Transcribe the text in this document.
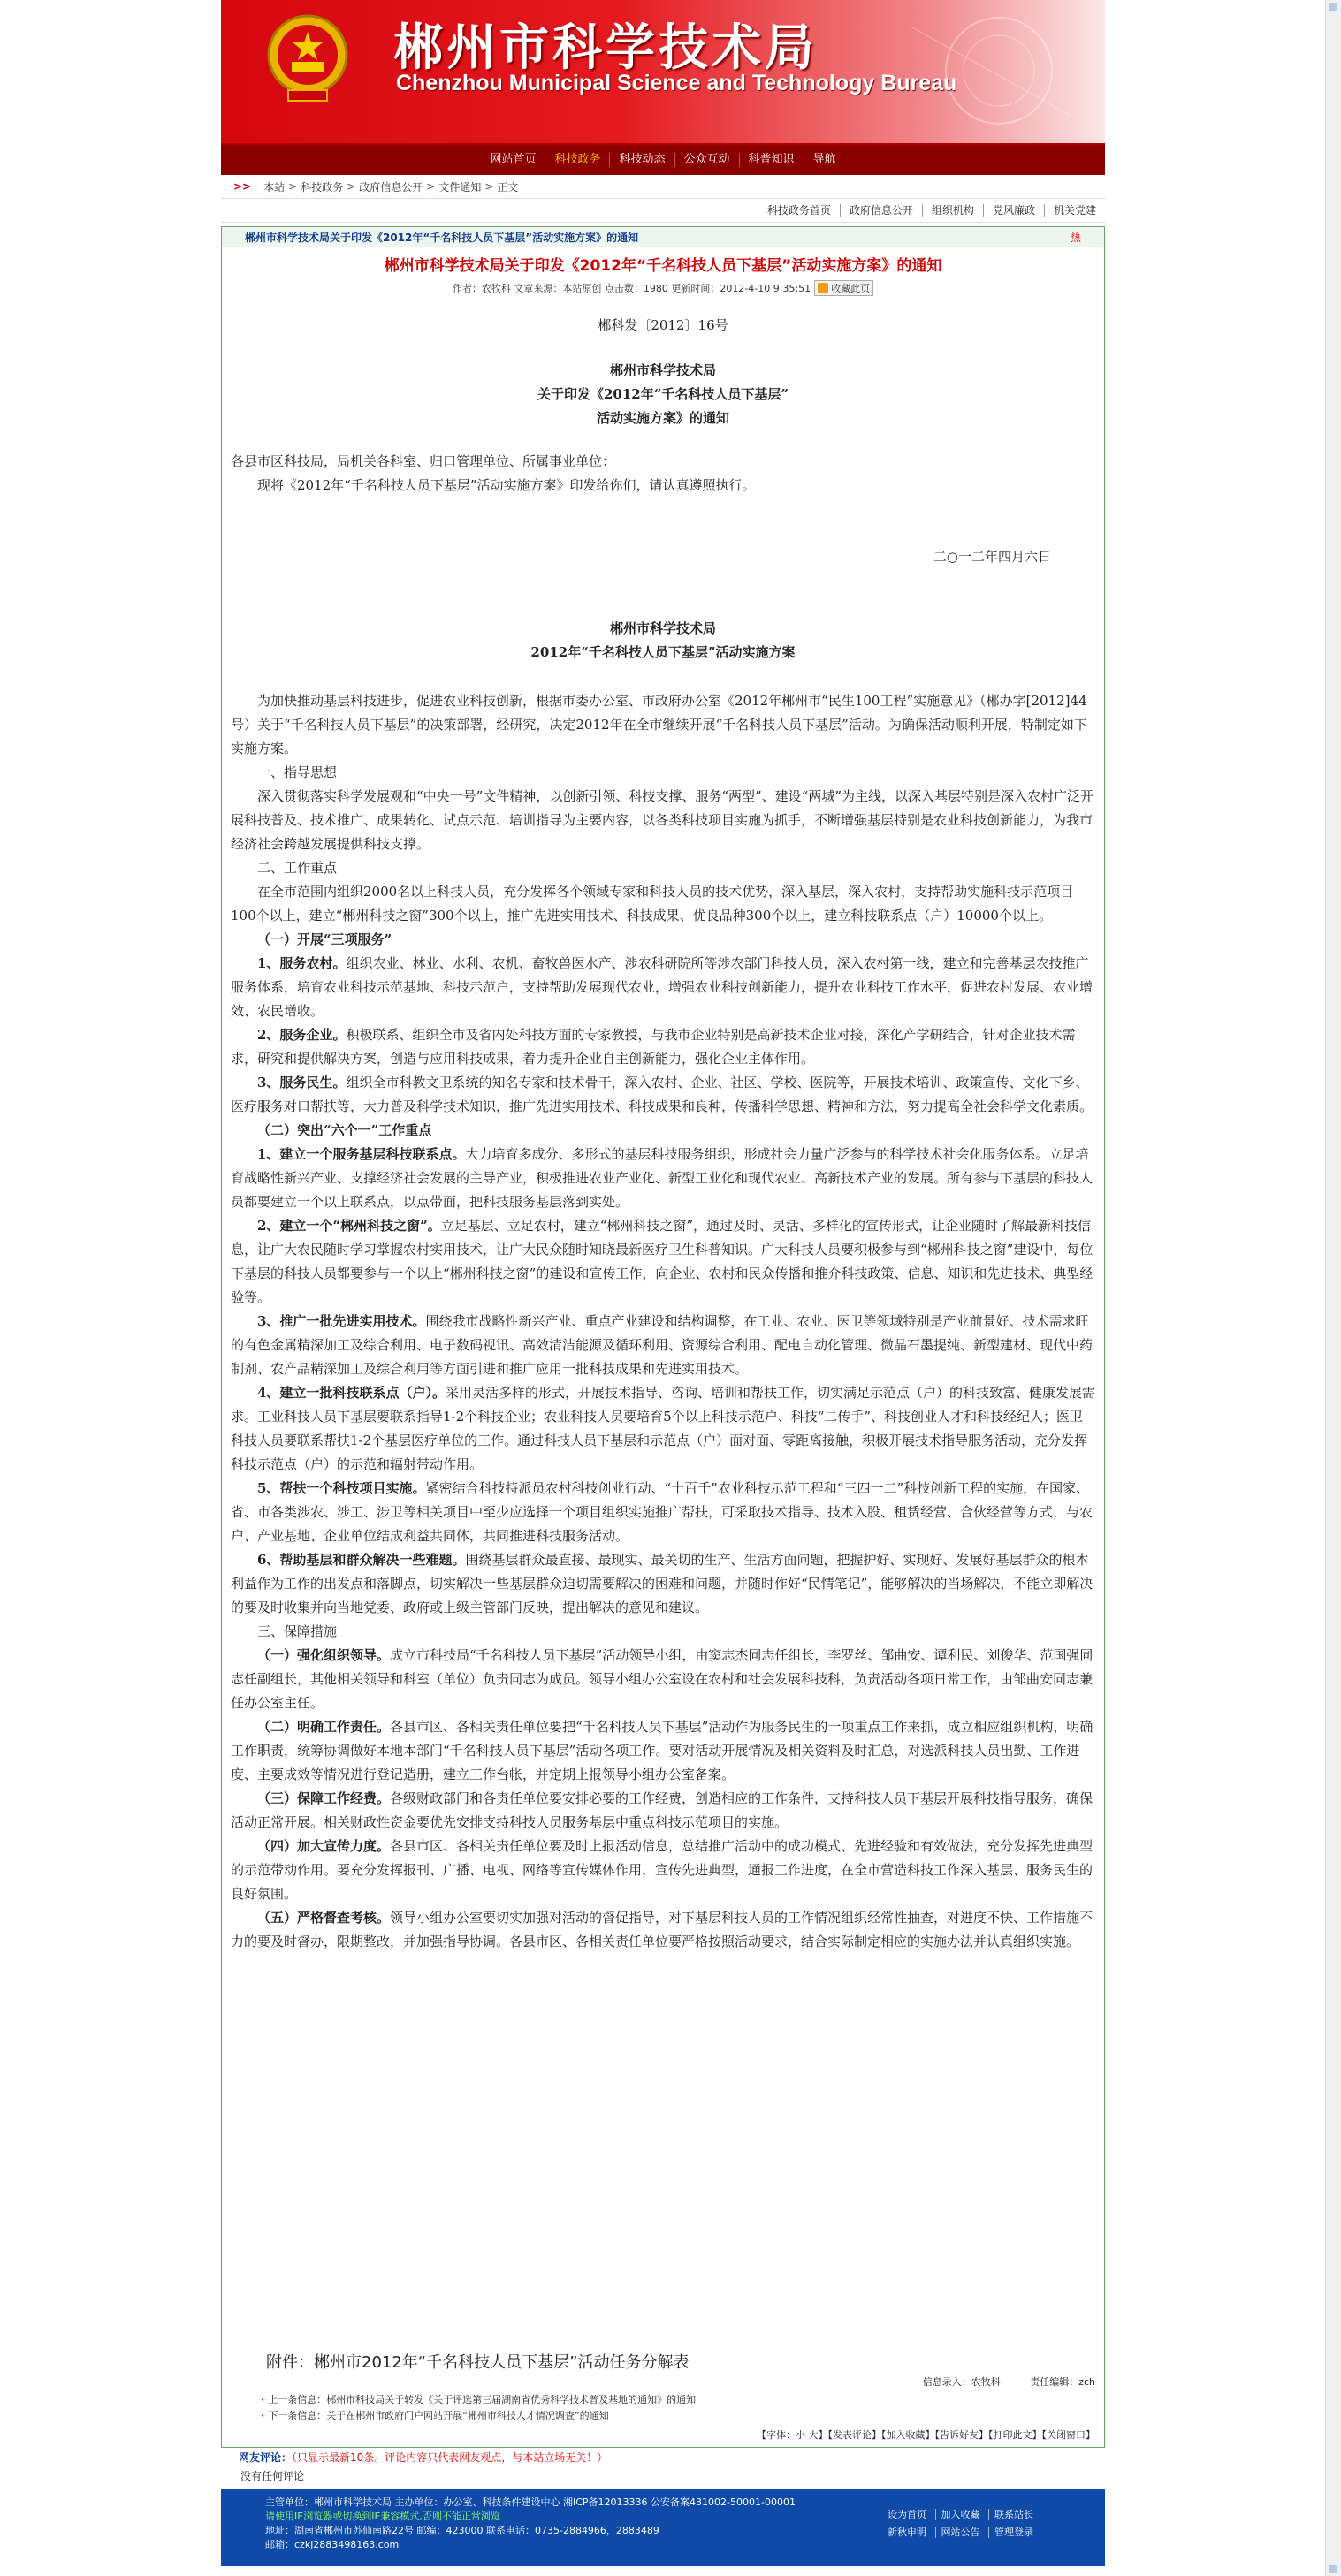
郴州市科学技术局
Chenzhou Municipal Science and Technology Bureau
网站首页	科技政务	科技动态	公众互动	科普知识	导航
>> 本站 > 科技政务 > 政府信息公开 > 文件通知 > 正文
科技政务首页	政府信息公开	组织机构	党风廉政	机关党建
郴州市科学技术局关于印发《2012年“千名科技人员下基层”活动实施方案》的通知	热
郴州市科学技术局关于印发《2012年“千名科技人员下基层”活动实施方案》的通知
作者：农牧科 文章来源：本站原创 点击数：1980 更新时间：2012-4-10 9:35:51 收藏此页
郴科发〔2012〕16号
郴州市科学技术局
关于印发《2012年“千名科技人员下基层”
活动实施方案》的通知
各县市区科技局，局机关各科室、归口管理单位、所属事业单位：
现将《2012年“千名科技人员下基层”活动实施方案》印发给你们，请认真遵照执行。
二○一二年四月六日
郴州市科学技术局
2012年“千名科技人员下基层”活动实施方案

为加快推动基层科技进步，促进农业科技创新，根据市委办公室、市政府办公室《2012年郴州市“民生100工程”实施意见》（郴办字[2012]44号）关于“千名科技人员下基层”的决策部署，经研究，决定2012年在全市继续开展“千名科技人员下基层”活动。为确保活动顺利开展，特制定如下实施方案。

一、指导思想

深入贯彻落实科学发展观和“中央一号”文件精神，以创新引领、科技支撑、服务“两型”、建设“两城”为主线，以深入基层特别是深入农村广泛开展科技普及、技术推广、成果转化、试点示范、培训指导为主要内容，以各类科技项目实施为抓手，不断增强基层特别是农业科技创新能力，为我市经济社会跨越发展提供科技支撑。

二、工作重点

在全市范围内组织2000名以上科技人员，充分发挥各个领域专家和科技人员的技术优势，深入基层，深入农村，支持帮助实施科技示范项目100个以上，建立“郴州科技之窗”300个以上，推广先进实用技术、科技成果、优良品种300个以上，建立科技联系点（户）10000个以上。

（一）开展“三项服务”

1、服务农村。组织农业、林业、水利、农机、畜牧兽医水产、涉农科研院所等涉农部门科技人员，深入农村第一线，建立和完善基层农技推广服务体系，培育农业科技示范基地、科技示范户，支持帮助发展现代农业，增强农业科技创新能力，提升农业科技工作水平，促进农村发展、农业增效、农民增收。

2、服务企业。积极联系、组织全市及省内处科技方面的专家教授，与我市企业特别是高新技术企业对接，深化产学研结合，针对企业技术需求，研究和提供解决方案，创造与应用科技成果，着力提升企业自主创新能力，强化企业主体作用。

3、服务民生。组织全市科教文卫系统的知名专家和技术骨干，深入农村、企业、社区、学校、医院等，开展技术培训、政策宣传、文化下乡、医疗服务对口帮扶等，大力普及科学技术知识，推广先进实用技术、科技成果和良种，传播科学思想、精神和方法，努力提高全社会科学文化素质。

（二）突出“六个一”工作重点

1、建立一个服务基层科技联系点。大力培育多成分、多形式的基层科技服务组织，形成社会力量广泛参与的科学技术社会化服务体系。立足培育战略性新兴产业、支撑经济社会发展的主导产业，积极推进农业产业化、新型工业化和现代农业、高新技术产业的发展。所有参与下基层的科技人员都要建立一个以上联系点，以点带面，把科技服务基层落到实处。

2、建立一个“郴州科技之窗”。立足基层、立足农村，建立“郴州科技之窗”，通过及时、灵活、多样化的宣传形式，让企业随时了解最新科技信息，让广大农民随时学习掌握农村实用技术，让广大民众随时知晓最新医疗卫生科普知识。广大科技人员要积极参与到“郴州科技之窗”建设中，每位下基层的科技人员都要参与一个以上“郴州科技之窗”的建设和宣传工作，向企业、农村和民众传播和推介科技政策、信息、知识和先进技术、典型经验等。

3、推广一批先进实用技术。围绕我市战略性新兴产业、重点产业建设和结构调整，在工业、农业、医卫等领域特别是产业前景好、技术需求旺的有色金属精深加工及综合利用、电子数码视讯、高效清洁能源及循环利用、资源综合利用、配电自动化管理、微晶石墨提纯、新型建材、现代中药制剂、农产品精深加工及综合利用等方面引进和推广应用一批科技成果和先进实用技术。

4、建立一批科技联系点（户）。采用灵活多样的形式，开展技术指导、咨询、培训和帮扶工作，切实满足示范点（户）的科技致富、健康发展需求。工业科技人员下基层要联系指导1-2个科技企业；农业科技人员要培育5个以上科技示范户、科技“二传手”、科技创业人才和科技经纪人；医卫科技人员要联系帮扶1-2个基层医疗单位的工作。通过科技人员下基层和示范点（户）面对面、零距离接触，积极开展技术指导服务活动，充分发挥科技示范点（户）的示范和辐射带动作用。

5、帮扶一个科技项目实施。紧密结合科技特派员农村科技创业行动、“十百千”农业科技示范工程和“三四一二”科技创新工程的实施，在国家、省、市各类涉农、涉工、涉卫等相关项目中至少应选择一个项目组织实施推广帮扶，可采取技术指导、技术入股、租赁经营、合伙经营等方式，与农户、产业基地、企业单位结成利益共同体，共同推进科技服务活动。

6、帮助基层和群众解决一些难题。围绕基层群众最直接、最现实、最关切的生产、生活方面问题，把握护好、实现好、发展好基层群众的根本利益作为工作的出发点和落脚点，切实解决一些基层群众迫切需要解决的困难和问题，并随时作好“民情笔记”，能够解决的当场解决，不能立即解决的要及时收集并向当地党委、政府或上级主管部门反映，提出解决的意见和建议。

三、保障措施

（一）强化组织领导。成立市科技局“千名科技人员下基层”活动领导小组，由窦志杰同志任组长，李罗丝、邹曲安、谭利民、刘俊华、范国强同志任副组长，其他相关领导和科室（单位）负责同志为成员。领导小组办公室设在农村和社会发展科技科，负责活动各项日常工作，由邹曲安同志兼任办公室主任。

（二）明确工作责任。各县市区、各相关责任单位要把“千名科技人员下基层”活动作为服务民生的一项重点工作来抓，成立相应组织机构，明确工作职责，统筹协调做好本地本部门“千名科技人员下基层”活动各项工作。要对活动开展情况及相关资料及时汇总，对选派科技人员出勤、工作进度、主要成效等情况进行登记造册，建立工作台帐，并定期上报领导小组办公室备案。

（三）保障工作经费。各级财政部门和各责任单位要安排必要的工作经费，创造相应的工作条件，支持科技人员下基层开展科技指导服务，确保活动正常开展。相关财政性资金要优先安排支持科技人员服务基层中重点科技示范项目的实施。

（四）加大宣传力度。各县市区、各相关责任单位要及时上报活动信息，总结推广活动中的成功模式、先进经验和有效做法，充分发挥先进典型的示范带动作用。要充分发挥报刊、广播、电视、网络等宣传媒体作用，宣传先进典型，通报工作进度，在全市营造科技工作深入基层、服务民生的良好氛围。

（五）严格督查考核。领导小组办公室要切实加强对活动的督促指导，对下基层科技人员的工作情况组织经常性抽查，对进度不快、工作措施不力的要及时督办，限期整改，并加强指导协调。各县市区、各相关责任单位要严格按照活动要求，结合实际制定相应的实施办法并认真组织实施。

附件：郴州市2012年“千名科技人员下基层”活动任务分解表
信息录入：农牧科	责任编辑：zch
· 上一条信息：郴州市科技局关于转发《关于评选第三届湖南省优秀科学技术普及基地的通知》的通知
· 下一条信息：关于在郴州市政府门户网站开展“郴州市科技人才情况调查”的通知
【字体：小 大】【发表评论】【加入收藏】【告诉好友】【打印此文】【关闭窗口】
网友评论：（只显示最新10条。评论内容只代表网友观点，与本站立场无关！）
没有任何评论
主管单位：郴州市科学技术局 主办单位：办公室、科技条件建设中心 湘ICP备12013336 公安备案431002-50001-00001
请使用IE浏览器或切换到IE兼容模式,否则不能正常浏览
地址：湖南省郴州市苏仙南路22号 邮编：423000 联系电话：0735-2884966，2883489
邮箱：czkj2883498163.com
设为首页 加入收藏 联系站长
新秋申明 网站公告 管理登录
